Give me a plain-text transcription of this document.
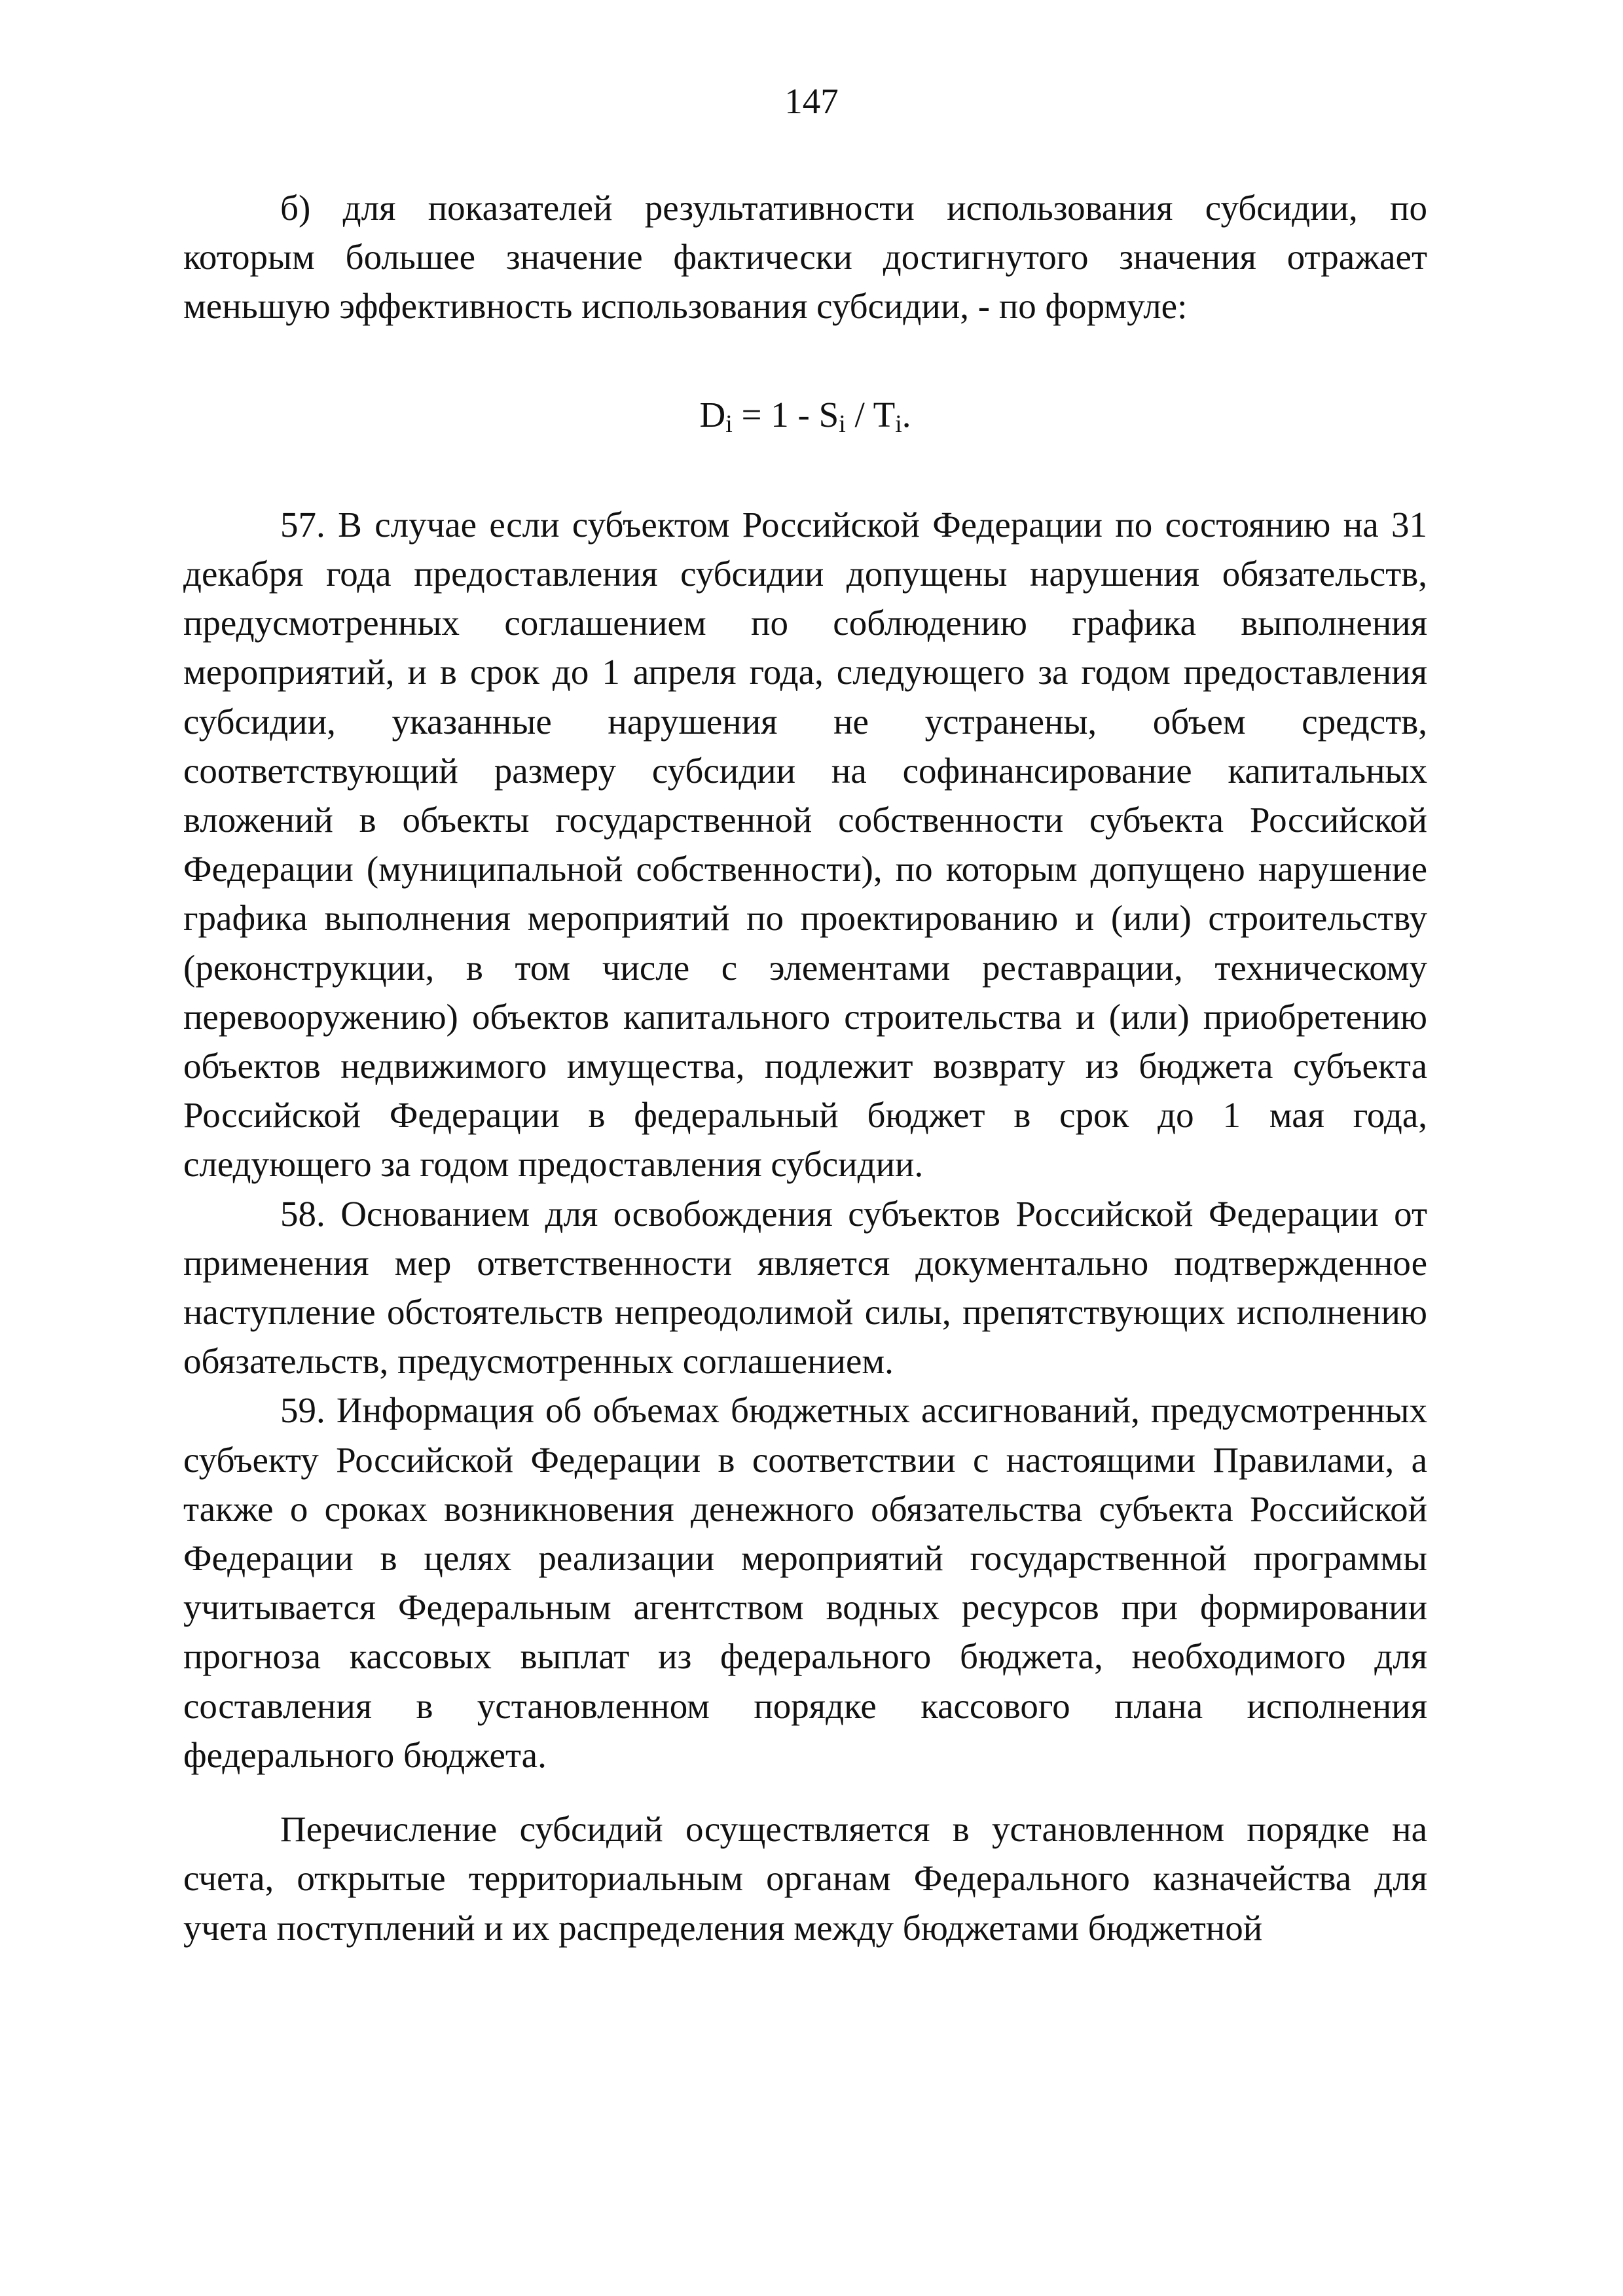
147

б) для показателей результативности использования субсидии, по которым большее значение фактически достигнутого значения отражает меньшую эффективность использования субсидии, - по формуле:

$D_i = 1 - S_i / T_i$.

57. В случае если субъектом Российской Федерации по состоянию на 31 декабря года предоставления субсидии допущены нарушения обязательств, предусмотренных соглашением по соблюдению графика выполнения мероприятий, и в срок до 1 апреля года, следующего за годом предоставления субсидии, указанные нарушения не устранены, объем средств, соответствующий размеру субсидии на софинансирование капитальных вложений в объекты государственной собственности субъекта Российской Федерации (муниципальной собственности), по которым допущено нарушение графика выполнения мероприятий по проектированию и (или) строительству (реконструкции, в том числе с элементами реставрации, техническому перевооружению) объектов капитального строительства и (или) приобретению объектов недвижимого имущества, подлежит возврату из бюджета субъекта Российской Федерации в федеральный бюджет в срок до 1 мая года, следующего за годом предоставления субсидии.

58. Основанием для освобождения субъектов Российской Федерации от применения мер ответственности является документально подтвержденное наступление обстоятельств непреодолимой силы, препятствующих исполнению обязательств, предусмотренных соглашением.

59. Информация об объемах бюджетных ассигнований, предусмотренных субъекту Российской Федерации в соответствии с настоящими Правилами, а также о сроках возникновения денежного обязательства субъекта Российской Федерации в целях реализации мероприятий государственной программы учитывается Федеральным агентством водных ресурсов при формировании прогноза кассовых выплат из федерального бюджета, необходимого для составления в установленном порядке кассового плана исполнения федерального бюджета.

Перечисление субсидий осуществляется в установленном порядке на счета, открытые территориальным органам Федерального казначейства для учета поступлений и их распределения между бюджетами бюджетной
